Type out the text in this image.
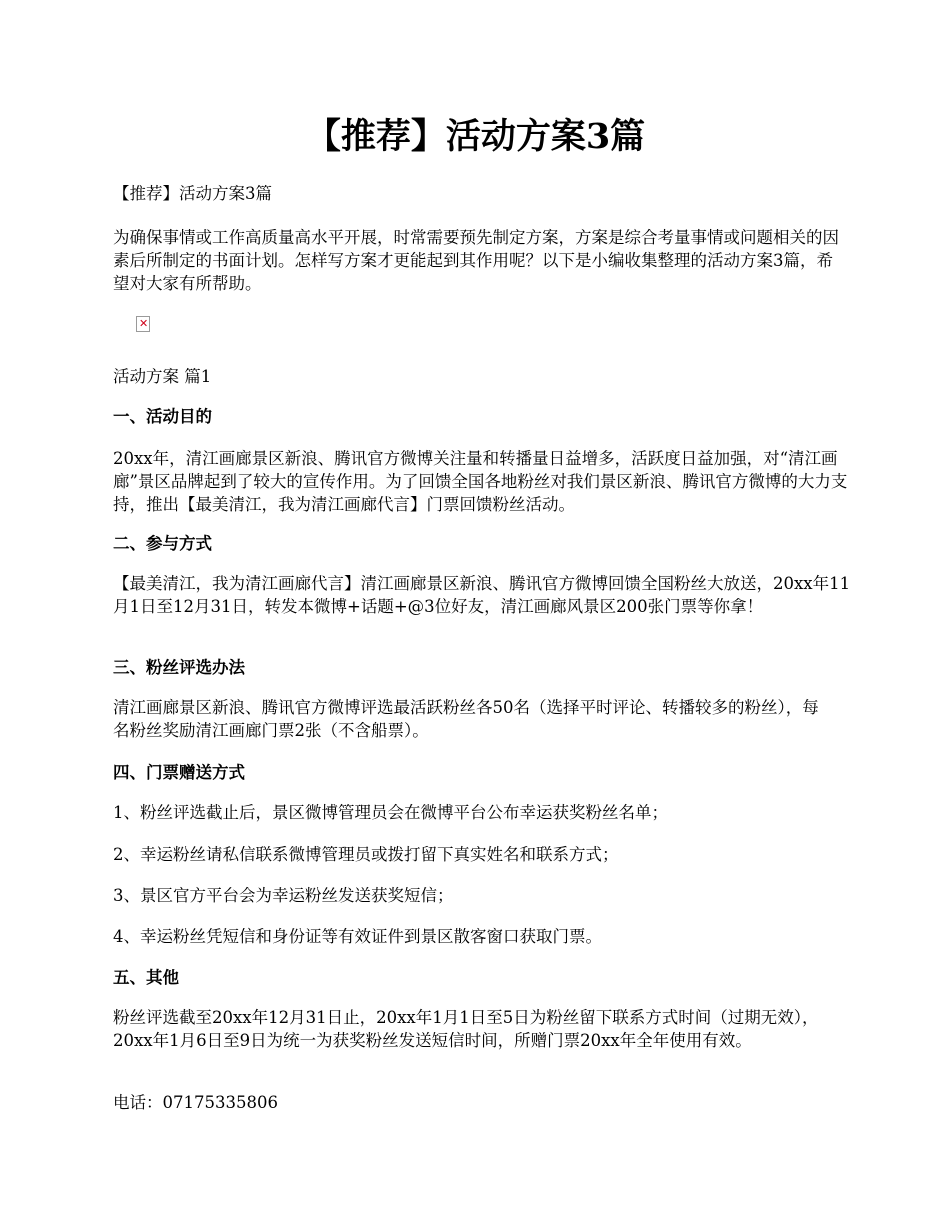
【推荐】活动方案3篇

【推荐】活动方案3篇

为确保事情或工作高质量高水平开展，时常需要预先制定方案，方案是综合考量事情或问题相关的因素后所制定的书面计划。怎样写方案才更能起到其作用呢？以下是小编收集整理的活动方案3篇，希望对大家有所帮助。

✕

活动方案 篇1

一、活动目的

20xx年，清江画廊景区新浪、腾讯官方微博关注量和转播量日益增多，活跃度日益加强，对“清江画廊”景区品牌起到了较大的宣传作用。为了回馈全国各地粉丝对我们景区新浪、腾讯官方微博的大力支持，推出【最美清江，我为清江画廊代言】门票回馈粉丝活动。

二、参与方式

【最美清江，我为清江画廊代言】清江画廊景区新浪、腾讯官方微博回馈全国粉丝大放送，20xx年11月1日至12月31日，转发本微博+话题+@3位好友，清江画廊风景区200张门票等你拿！

三、粉丝评选办法

清江画廊景区新浪、腾讯官方微博评选最活跃粉丝各50名（选择平时评论、转播较多的粉丝），每名粉丝奖励清江画廊门票2张（不含船票）。

四、门票赠送方式

1、粉丝评选截止后，景区微博管理员会在微博平台公布幸运获奖粉丝名单；

2、幸运粉丝请私信联系微博管理员或拨打留下真实姓名和联系方式；

3、景区官方平台会为幸运粉丝发送获奖短信；

4、幸运粉丝凭短信和身份证等有效证件到景区散客窗口获取门票。

五、其他

粉丝评选截至20xx年12月31日止，20xx年1月1日至5日为粉丝留下联系方式时间（过期无效），20xx年1月6日至9日为统一为获奖粉丝发送短信时间，所赠门票20xx年全年使用有效。

电话：07175335806
